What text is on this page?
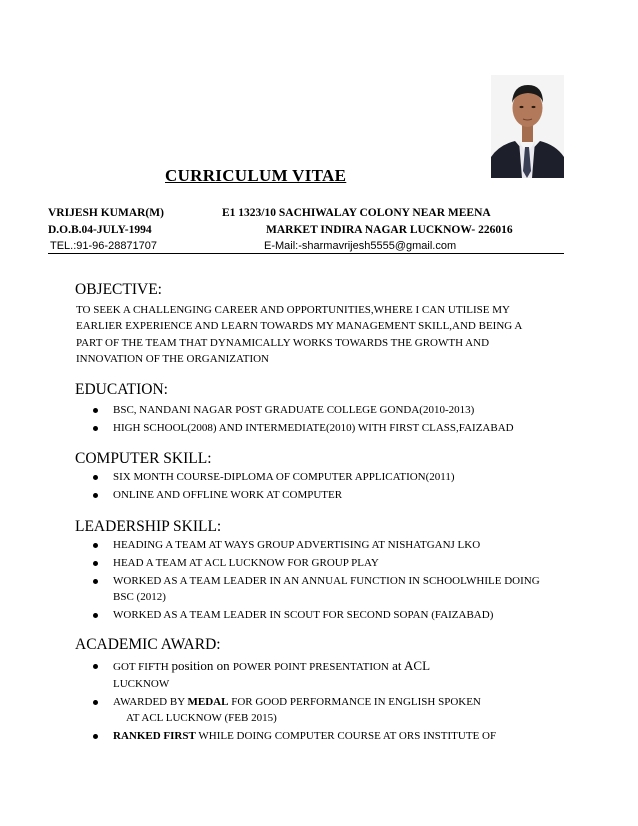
CURRICULUM VITAE
VRIJESH KUMAR(M)
D.O.B.04-JULY-1994
TEL.:91-96-28871707
E1 1323/10 SACHIWALAY COLONY NEAR MEENA
MARKET INDIRA NAGAR LUCKNOW- 226016
E-Mail:-sharmavrijesh5555@gmail.com
OBJECTIVE:
TO SEEK A CHALLENGING CAREER AND OPPORTUNITIES,WHERE I CAN UTILISE MY
EARLIER EXPERIENCE AND LEARN TOWARDS MY MANAGEMENT SKILL,AND BEING A
PART OF THE TEAM THAT DYNAMICALLY WORKS TOWARDS THE GROWTH AND
INNOVATION OF THE ORGANIZATION
EDUCATION:
BSC, NANDANI NAGAR POST GRADUATE COLLEGE GONDA(2010-2013)
HIGH SCHOOL(2008) AND INTERMEDIATE(2010) WITH FIRST CLASS,FAIZABAD
COMPUTER SKILL:
SIX MONTH COURSE-DIPLOMA OF COMPUTER APPLICATION(2011)
ONLINE AND OFFLINE WORK AT COMPUTER
LEADERSHIP SKILL:
HEADING A TEAM AT WAYS GROUP ADVERTISING AT NISHATGANJ LKO
HEAD A TEAM AT ACL LUCKNOW FOR GROUP PLAY
WORKED AS A TEAM LEADER IN AN ANNUAL FUNCTION IN SCHOOLWHILE DOING
BSC (2012)
WORKED AS A TEAM LEADER IN SCOUT FOR SECOND SOPAN (FAIZABAD)
ACADEMIC AWARD:
GOT FIFTH position on POWER POINT PRESENTATION at ACL
LUCKNOW
AWARDED BY MEDAL FOR GOOD PERFORMANCE IN ENGLISH SPOKEN
AT ACL LUCKNOW (FEB 2015)
RANKED FIRST WHILE DOING COMPUTER COURSE AT ORS INSTITUTE OF
